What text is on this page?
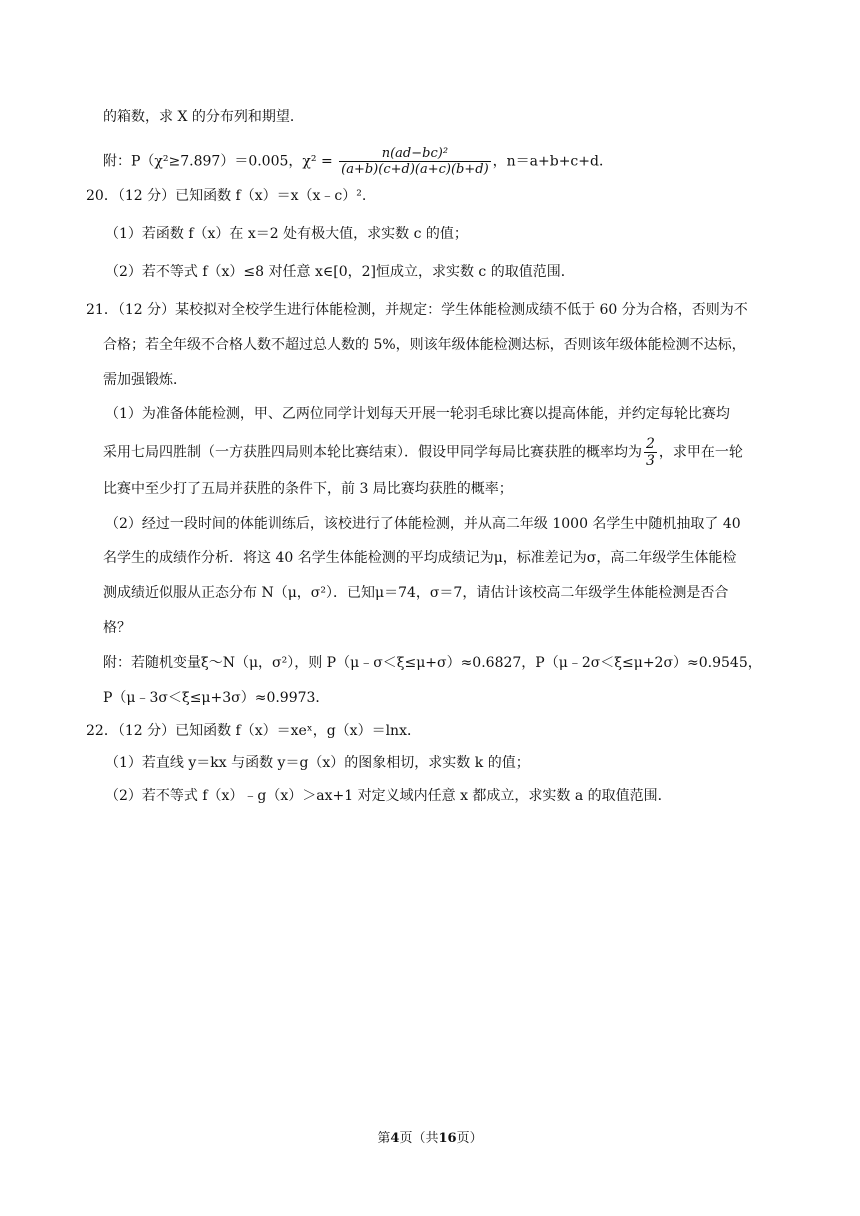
的箱数，求 X 的分布列和期望．
附：P（χ²≥7.897）＝0.005，$\chi^2 = \frac{\text{n(ad−bc)²}}{(a+b)(c+d)(a+c)(b+d)}$ ，n＝a+b+c+d．
20．（12 分）已知函数 f（x）＝x（x﹣c）².
（1）若函数 f（x）在 x＝2 处有极大值，求实数 c 的值；
（2）若不等式 f（x）≤8 对任意 x∈[0，2]恒成立，求实数 c 的取值范围．
21．（12 分）某校拟对全校学生进行体能检测，并规定：学生体能检测成绩不低于 60 分为合格，否则为不
合格；若全年级不合格人数不超过总人数的 5%，则该年级体能检测达标，否则该年级体能检测不达标，
需加强锻炼．
（1）为准备体能检测，甲、乙两位同学计划每天开展一轮羽毛球比赛以提高体能，并约定每轮比赛均
采用七局四胜制（一方获胜四局则本轮比赛结束）．假设甲同学每局比赛获胜的概率均为 $\frac{2}{3}$ ，求甲在一轮
比赛中至少打了五局并获胜的条件下，前 3 局比赛均获胜的概率；
（2）经过一段时间的体能训练后，该校进行了体能检测，并从高二年级 1000 名学生中随机抽取了 40
名学生的成绩作分析．将这 40 名学生体能检测的平均成绩记为μ，标准差记为σ，高二年级学生体能检
测成绩近似服从正态分布 N（μ，σ²）．已知μ＝74，σ＝7，请估计该校高二年级学生体能检测是否合
格？
附：若随机变量ξ～N（μ，σ²），则 P（μ﹣σ＜ξ≤μ+σ）≈0.6827，P（μ﹣2σ＜ξ≤μ+2σ）≈0.9545，
P（μ﹣3σ＜ξ≤μ+3σ）≈0.9973．
22．（12 分）已知函数 f（x）＝xeˣ，g（x）＝lnx．
（1）若直线 y＝kx 与函数 y＝g（x）的图象相切，求实数 k 的值；
（2）若不等式 f（x）﹣g（x）＞ax+1 对定义域内任意 x 都成立，求实数 a 的取值范围．
第4页（共16页）
